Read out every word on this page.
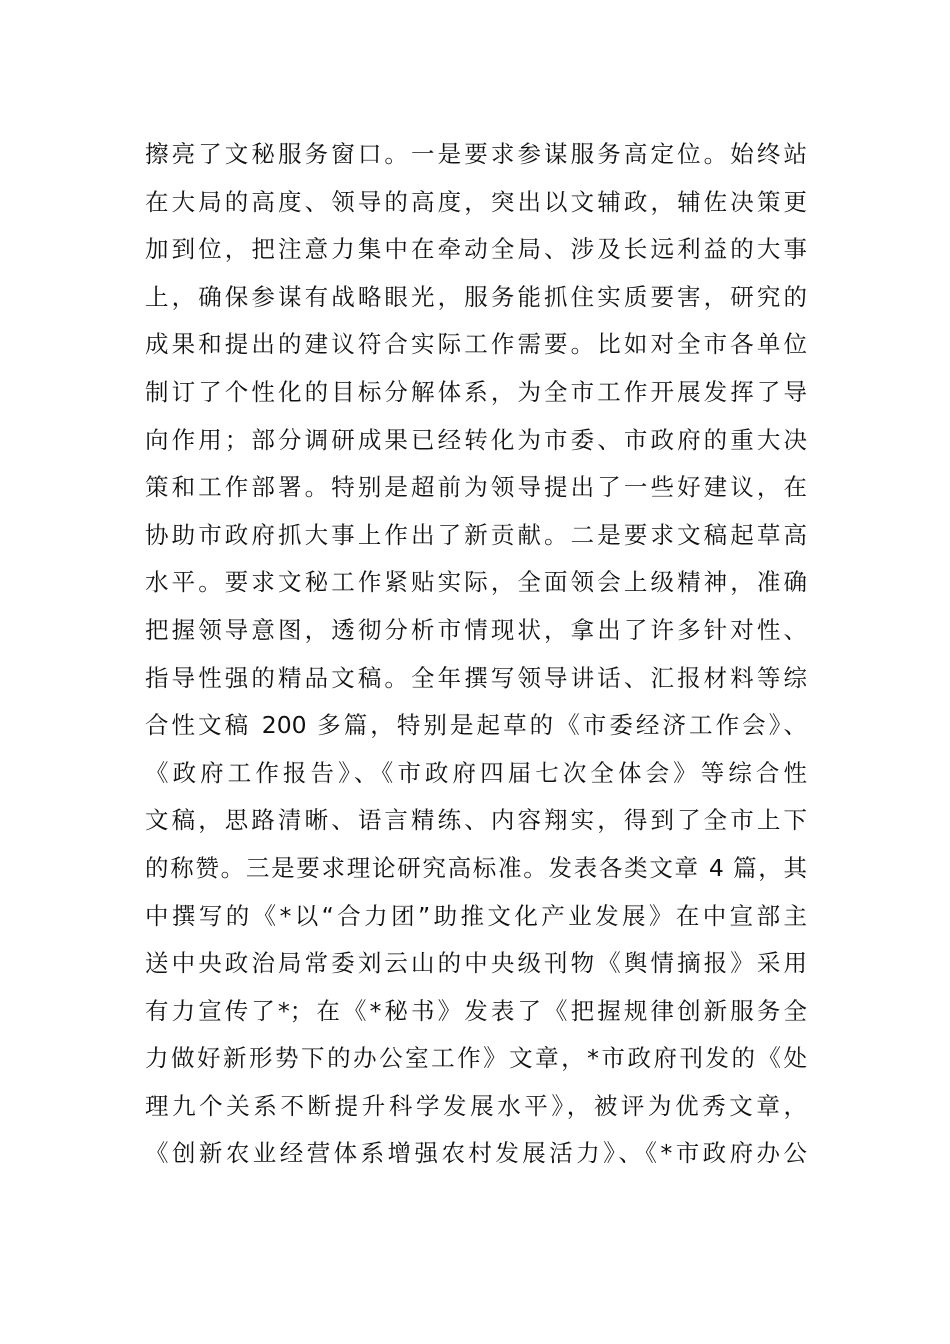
擦亮了文秘服务窗口。一是要求参谋服务高定位。始终站
在大局的高度、领导的高度，突出以文辅政，辅佐决策更
加到位，把注意力集中在牵动全局、涉及长远利益的大事
上，确保参谋有战略眼光，服务能抓住实质要害，研究的
成果和提出的建议符合实际工作需要。比如对全市各单位
制订了个性化的目标分解体系，为全市工作开展发挥了导
向作用；部分调研成果已经转化为市委、市政府的重大决
策和工作部署。特别是超前为领导提出了一些好建议，在
协助市政府抓大事上作出了新贡献。二是要求文稿起草高
水平。要求文秘工作紧贴实际，全面领会上级精神，准确
把握领导意图，透彻分析市情现状，拿出了许多针对性、
指导性强的精品文稿。全年撰写领导讲话、汇报材料等综
合性文稿 200 多篇，特别是起草的《市委经济工作会》、
《政府工作报告》、《市政府四届七次全体会》等综合性
文稿，思路清晰、语言精练、内容翔实，得到了全市上下
的称赞。三是要求理论研究高标准。发表各类文章 4 篇，其
中撰写的《*以“合力团”助推文化产业发展》在中宣部主
送中央政治局常委刘云山的中央级刊物《舆情摘报》采用
有力宣传了*；在《*秘书》发表了《把握规律创新服务全
力做好新形势下的办公室工作》文章，*市政府刊发的《处
理九个关系不断提升科学发展水平》，被评为优秀文章，
《创新农业经营体系增强农村发展活力》、《*市政府办公
